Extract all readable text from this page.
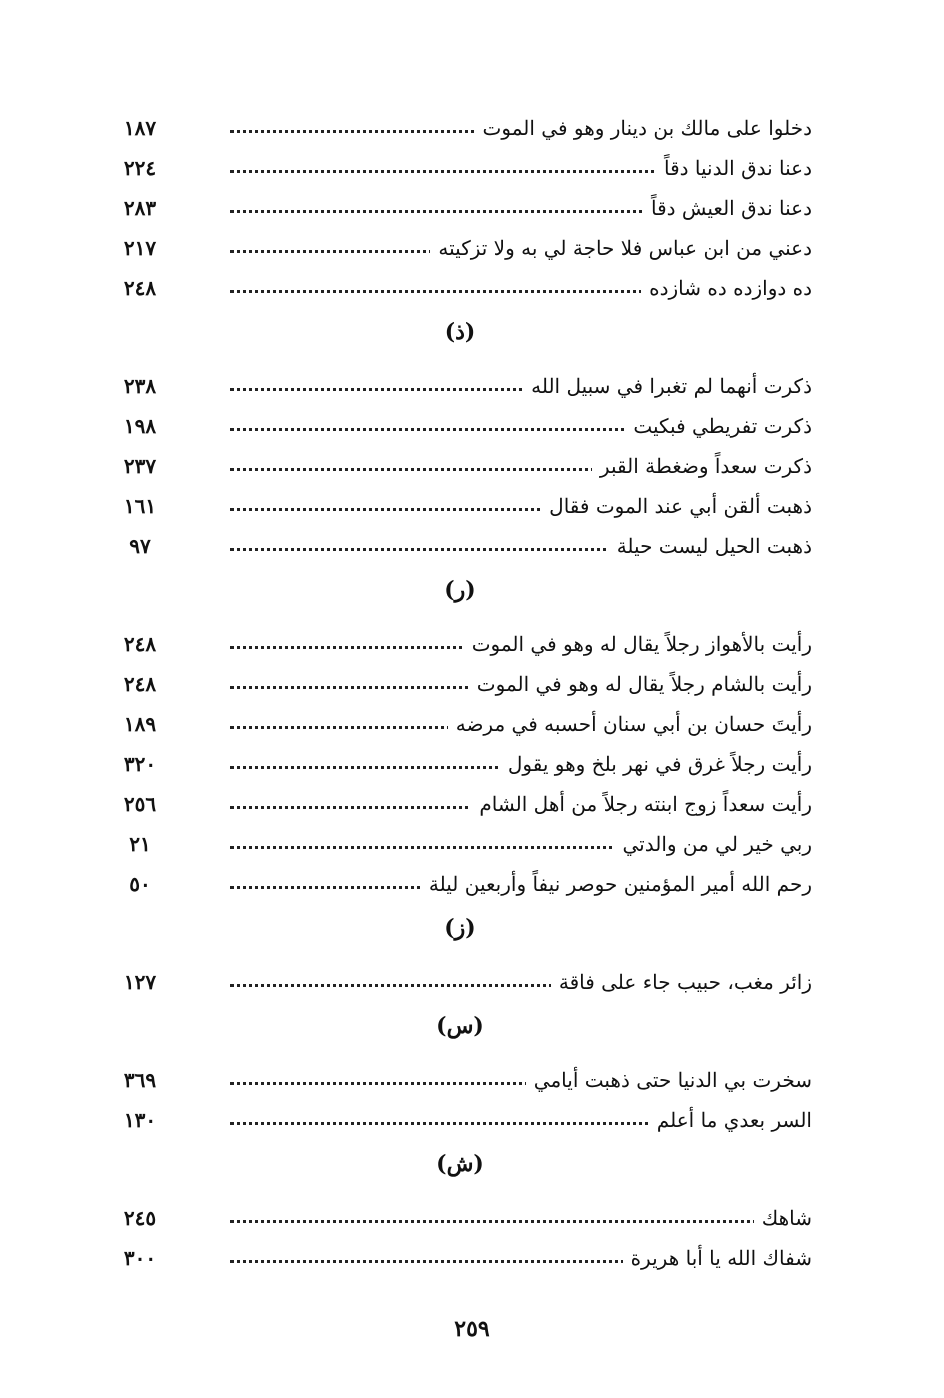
دخلوا على مالك بن دينار وهو في الموت
١٨٧
دعنا ندق الدنيا دقاً
٢٢٤
دعنا ندق العيش دقاً
٢٨٣
دعني من ابن عباس فلا حاجة لي به ولا تزكيته
٢١٧
ده دوازده ده شازده
٢٤٨
(ذ)
ذكرت أنهما لم تغبرا في سبيل الله
٢٣٨
ذكرت تفريطي فبكيت
١٩٨
ذكرت سعداً وضغطة القبر
٢٣٧
ذهبت ألقن أبي عند الموت فقال
١٦١
ذهبت الحيل ليست حيلة
٩٧
(ر)
رأيت بالأهواز رجلاً يقال له وهو في الموت
٢٤٨
رأيت بالشام رجلاً يقال له وهو في الموت
٢٤٨
رأيتَ حسان بن أبي سنان أحسبه في مرضه
١٨٩
رأيت رجلاً غرق في نهر بلخ وهو يقول
٣٢٠
رأيت سعداً زوج ابنته رجلاً من أهل الشام
٢٥٦
ربي خير لي من والدتي
٢١
رحم الله أمير المؤمنين حوصر نيفاً وأربعين ليلة
٥٠
(ز)
زائر مغب، حبيب جاء على فاقة
١٢٧
(س)
سخرت بي الدنيا حتى ذهبت أيامي
٣٦٩
السر بعدي ما أعلم
١٣٠
(ش)
شاهك
٢٤٥
شفاك الله يا أبا هريرة
٣٠٠
٢٥٩
